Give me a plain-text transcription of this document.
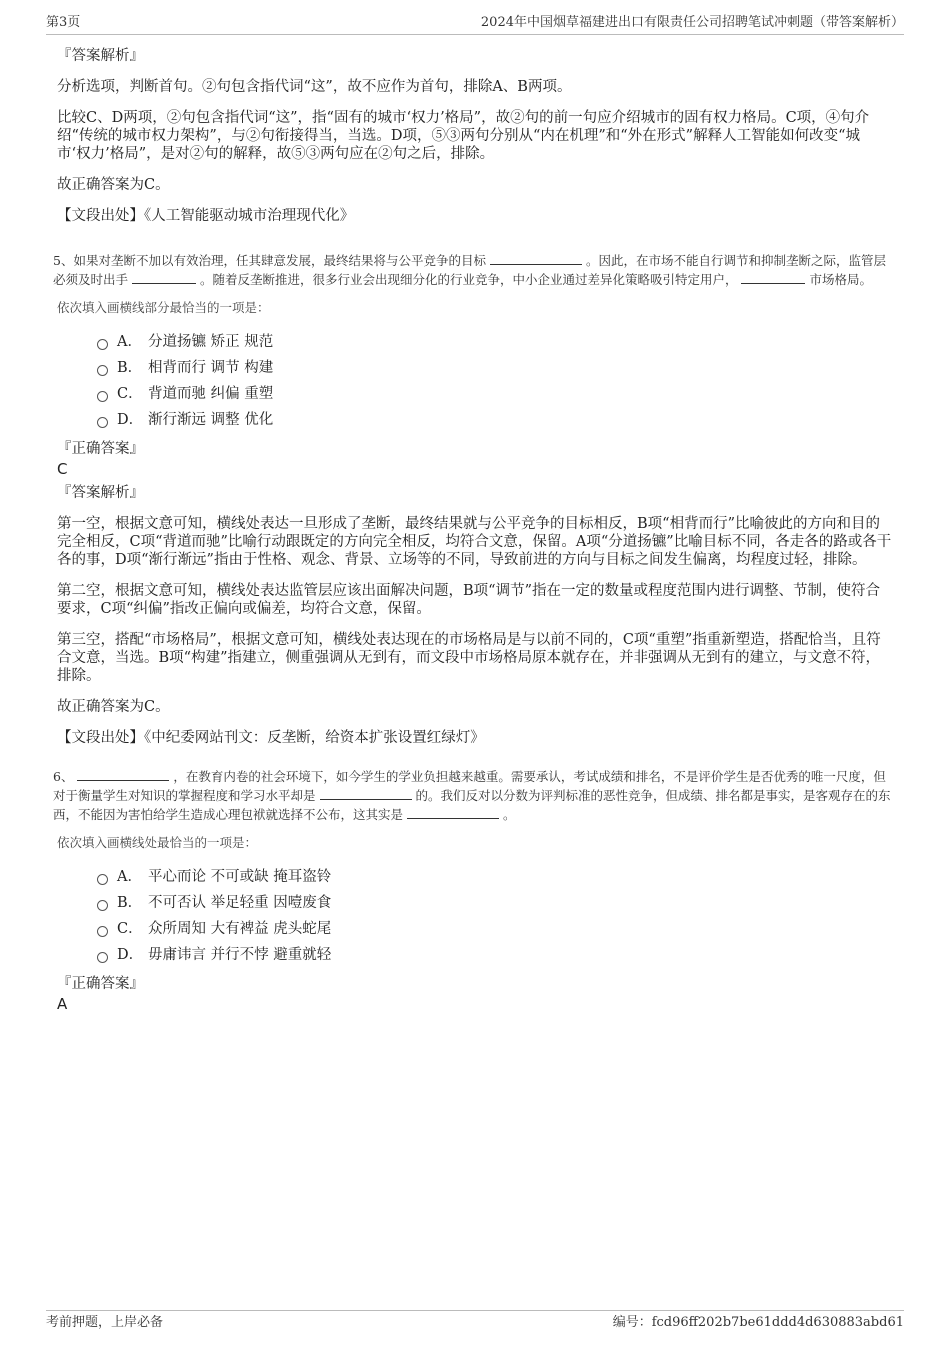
第3页	2024年中国烟草福建进出口有限责任公司招聘笔试冲刺题（带答案解析）
『答案解析』

分析选项，判断首句。②句包含指代词“这”，故不应作为首句，排除A、B两项。

比较C、D两项，②句包含指代词“这”，指“固有的城市‘权力’格局”，故②句的前一句应介绍城市的固有权力格局。C项，④句介绍“传统的城市权力架构”，与②句衔接得当，当选。D项，⑤③两句分别从“内在机理”和“外在形式”解释人工智能如何改变“城市‘权力’格局”，是对②句的解释，故⑤③两句应在②句之后，排除。

故正确答案为C。

【文段出处】《人工智能驱动城市治理现代化》

5、如果对垄断不加以有效治理，任其肆意发展，最终结果将与公平竞争的目标	。因此，在市场不能自行调节和抑制垄断之际，监管层必须及时出手	。随着反垄断推进，很多行业会出现细分化的行业竞争，中小企业通过差异化策略吸引特定用户，	市场格局。

依次填入画横线部分最恰当的一项是：

A． 分道扬镳 矫正 规范
B． 相背而行 调节 构建
C． 背道而驰 纠偏 重塑
D． 渐行渐远 调整 优化
『正确答案』
C
『答案解析』

第一空，根据文意可知，横线处表达一旦形成了垄断，最终结果就与公平竞争的目标相反，B项“相背而行”比喻彼此的方向和目的完全相反，C项“背道而驰”比喻行动跟既定的方向完全相反，均符合文意，保留。A项“分道扬镳”比喻目标不同，各走各的路或各干各的事，D项“渐行渐远”指由于性格、观念、背景、立场等的不同，导致前进的方向与目标之间发生偏离，均程度过轻，排除。

第二空，根据文意可知，横线处表达监管层应该出面解决问题，B项“调节”指在一定的数量或程度范围内进行调整、节制，使符合要求，C项“纠偏”指改正偏向或偏差，均符合文意，保留。

第三空，搭配“市场格局”，根据文意可知，横线处表达现在的市场格局是与以前不同的，C项“重塑”指重新塑造，搭配恰当，且符合文意，当选。B项“构建”指建立，侧重强调从无到有，而文段中市场格局原本就存在，并非强调从无到有的建立，与文意不符，排除。

故正确答案为C。

【文段出处】《中纪委网站刊文：反垄断，给资本扩张设置红绿灯》

6、	，在教育内卷的社会环境下，如今学生的学业负担越来越重。需要承认，考试成绩和排名，不是评价学生是否优秀的唯一尺度，但对于衡量学生对知识的掌握程度和学习水平却是	的。我们反对以分数为评判标准的恶性竞争，但成绩、排名都是事实，是客观存在的东西，不能因为害怕给学生造成心理包袱就选择不公布，这其实是	。

依次填入画横线处最恰当的一项是：

A． 平心而论 不可或缺 掩耳盗铃
B． 不可否认 举足轻重 因噎废食
C． 众所周知 大有裨益 虎头蛇尾
D． 毋庸讳言 并行不悖 避重就轻
『正确答案』
A
考前押题，上岸必备	编号：fcd96ff202b7be61ddd4d630883abd61
